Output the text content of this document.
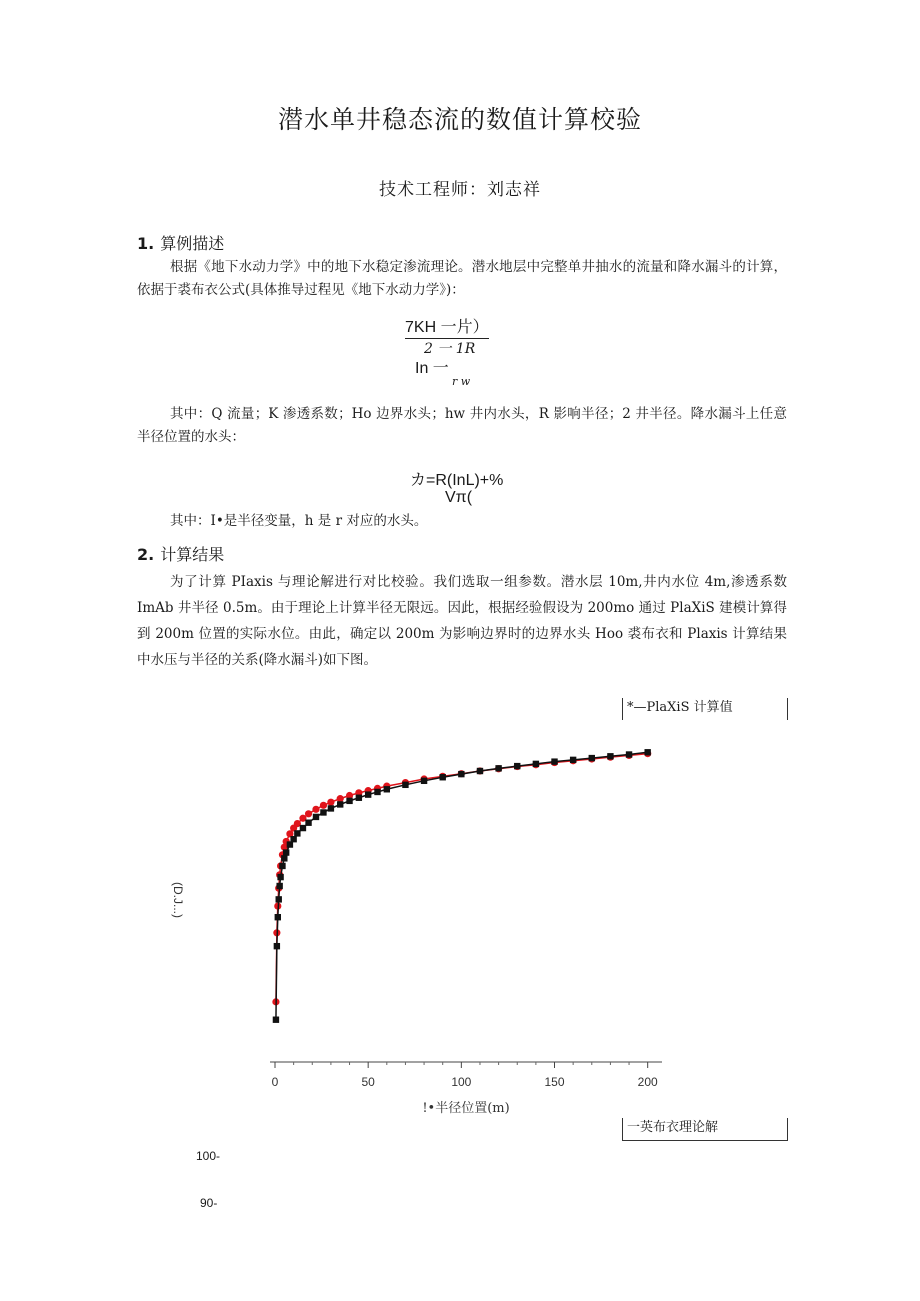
潜水单井稳态流的数值计算校验
技术工程师：刘志祥
1. 算例描述
根据《地下水动力学》中的地下水稳定渗流理论。潜水地层中完整单井抽水的流量和降水漏斗的计算，依据于裘布衣公式(具体推导过程见《地下水动力学》)：
7KH 一片）
2 一 1R
In 一
r w
其中：Q 流量；K 渗透系数；Ho 边界水头；hw 井内水头，R 影响半径；2 井半径。降水漏斗上任意半径位置的水头：
カ=R(InL)+%
Vπ(
其中：I•是半径变量，h 是 r 对应的水头。
2. 计算结果
为了计算 PIaxis 与理论解进行对比校验。我们选取一组参数。潜水层 10m,井内水位 4m,渗透系数 ImAb 井半径 0.5m。由于理论上计算半径无限远。因此，根据经验假设为 200mo 通过 PlaXiS 建模计算得到 200m 位置的实际水位。由此，确定以 200m 为影响边界时的边界水头 Hoo 裘布衣和 Plaxis 计算结果中水压与半径的关系(降水漏斗)如下图。
*—PlaXiS 计算值
一英布衣理论解
(D.J...)
!•半径位置(m)
0	50	100	150	200
100-
90-
